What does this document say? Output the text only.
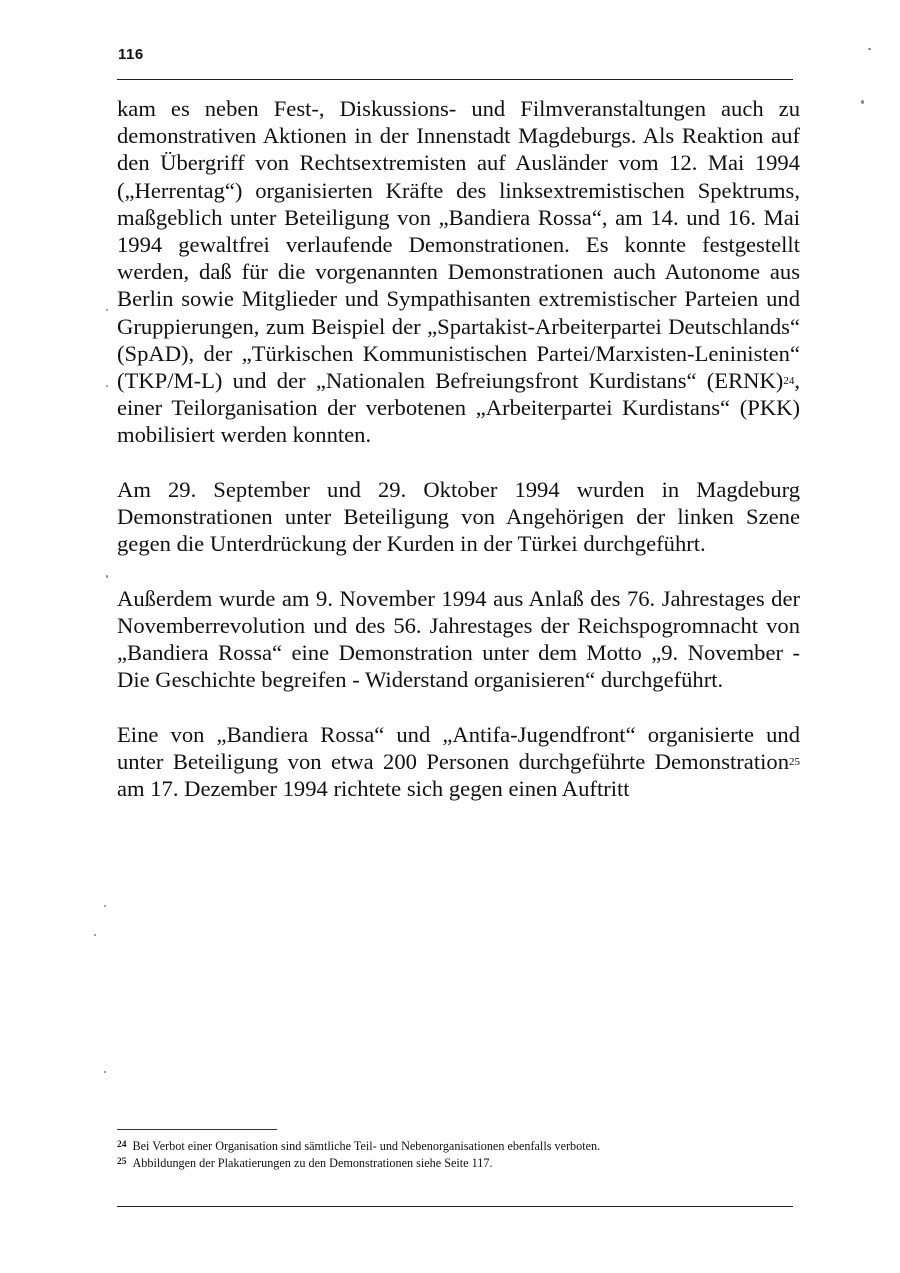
116

kam es neben Fest-, Diskussions- und Filmveranstaltungen auch zu demonstrativen Aktionen in der Innenstadt Magdeburgs. Als Reaktion auf den Übergriff von Rechtsextremisten auf Ausländer vom 12. Mai 1994 („Herrentag“) organisierten Kräfte des linksextremistischen Spektrums, maßgeblich unter Beteiligung von „Bandiera Rossa“, am 14. und 16. Mai 1994 gewaltfrei verlaufende Demonstrationen. Es konnte festgestellt werden, daß für die vorgenannten Demonstrationen auch Autonome aus Berlin sowie Mitglieder und Sympathisanten extremistischer Parteien und Gruppierungen, zum Beispiel der „Spartakist-Arbeiterpartei Deutschlands“ (SpAD), der „Türkischen Kommunistischen Partei/Marxisten-Leninisten“ (TKP/M-L) und der „Nationalen Befreiungsfront Kurdistans“ (ERNK)24, einer Teilorganisation der verbotenen „Arbeiterpartei Kurdistans“ (PKK) mobilisiert werden konnten.

Am 29. September und 29. Oktober 1994 wurden in Magdeburg Demonstrationen unter Beteiligung von Angehörigen der linken Szene gegen die Unterdrückung der Kurden in der Türkei durchgeführt.

Außerdem wurde am 9. November 1994 aus Anlaß des 76. Jahrestages der Novemberrevolution und des 56. Jahrestages der Reichspogromnacht von „Bandiera Rossa“ eine Demonstration unter dem Motto „9. November - Die Geschichte begreifen - Widerstand organisieren“ durchgeführt.

Eine von „Bandiera Rossa“ und „Antifa-Jugendfront“ organisierte und unter Beteiligung von etwa 200 Personen durchgeführte Demonstration25 am 17. Dezember 1994 richtete sich gegen einen Auftritt

$^{24}$ Bei Verbot einer Organisation sind sämtliche Teil- und Nebenorganisationen ebenfalls verboten.
$^{25}$ Abbildungen der Plakatierungen zu den Demonstrationen siehe Seite 117.
